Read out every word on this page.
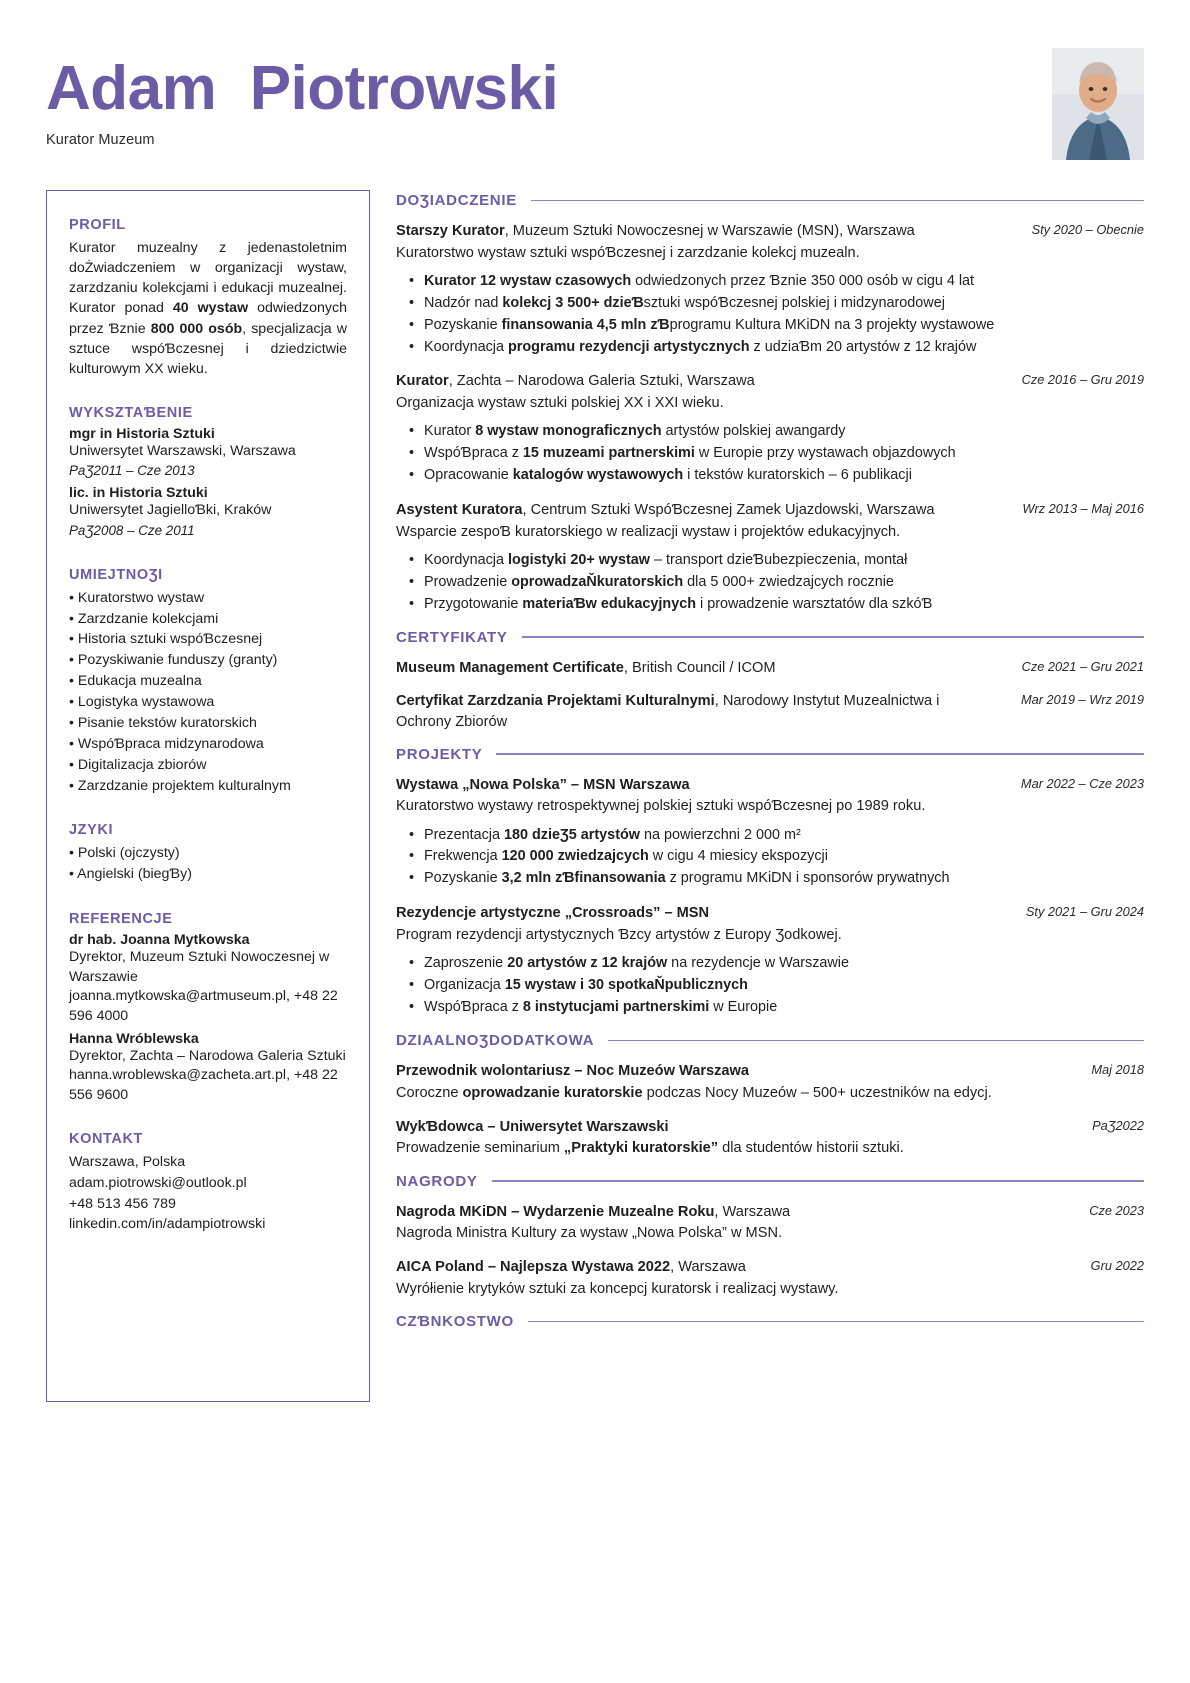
Adam  Piotrowski
Kurator Muzeum
PROFIL
Kurator muzealny z jedenastoletnim doŻwiadczeniem w organizacji wystaw, zarzdzaniu kolekcjami i edukacji muzealnej. Kurator ponad 40 wystaw odwiedzonych przez Ɓznie 800 000 osób, specjalizacja w sztuce wspóƁczesnej i dziedzictwie kulturowym XX wieku.
WYKSZTAƁENIE
mgr in Historia Sztuki
Uniwersytet Warszawski, Warszawa
PaƷ2011 – Cze 2013
lic. in Historia Sztuki
Uniwersytet JagielloƁki, Kraków
PaƷ2008 – Cze 2011
UMIEJTNOƷI
• Kuratorstwo wystaw
• Zarzdzanie kolekcjami
• Historia sztuki wspóƁczesnej
• Pozyskiwanie funduszy (granty)
• Edukacja muzealna
• Logistyka wystawowa
• Pisanie tekstów kuratorskich
• WspóƁpraca midzynarodowa
• Digitalizacja zbiorów
• Zarzdzanie projektem kulturalnym
JZYKI
• Polski (ojczysty)
• Angielski (biegƁy)
REFERENCJE
dr hab. Joanna Mytkowska
Dyrektor, Muzeum Sztuki Nowoczesnej w Warszawie
joanna.mytkowska@artmuseum.pl, +48 22 596 4000
Hanna Wróblewska
Dyrektor, Zachta – Narodowa Galeria Sztuki
hanna.wroblewska@zacheta.art.pl, +48 22 556 9600
KONTAKT
Warszawa, Polska
adam.piotrowski@outlook.pl
+48 513 456 789
linkedin.com/in/adampiotrowski
DOƷIADCZENIE
Starszy Kurator, Muzeum Sztuki Nowoczesnej w Warszawie (MSN), Warszawa	Sty 2020 – Obecnie
Kuratorstwo wystaw sztuki wspóƁczesnej i zarzdzanie kolekcj muzealn.
• Kurator 12 wystaw czasowych odwiedzonych przez Ɓznie 350 000 osób w cigu 4 lat
• Nadzór nad kolekcj 3 500+ dzieƁsztuki wspóƁczesnej polskiej i midzynarodowej
• Pozyskanie finansowania 4,5 mln zƁprogramu Kultura MKiDN na 3 projekty wystawowe
• Koordynacja programu rezydencji artystycznych z udziaƁm 20 artystów z 12 krajów
Kurator, Zachta – Narodowa Galeria Sztuki, Warszawa	Cze 2016 – Gru 2019
Organizacja wystaw sztuki polskiej XX i XXI wieku.
• Kurator 8 wystaw monograficznych artystów polskiej awangardy
• WspóƁpraca z 15 muzeami partnerskimi w Europie przy wystawach objazdowych
• Opracowanie katalogów wystawowych i tekstów kuratorskich – 6 publikacji
Asystent Kuratora, Centrum Sztuki WspóƁczesnej Zamek Ujazdowski, Warszawa	Wrz 2013 – Maj 2016
Wsparcie zespoƁ kuratorskiego w realizacji wystaw i projektów edukacyjnych.
• Koordynacja logistyki 20+ wystaw – transport dzieƁubezpieczenia, montał
• Prowadzenie oprowadzaŇkuratorskich dla 5 000+ zwiedzajcych rocznie
• Przygotowanie materiaƁw edukacyjnych i prowadzenie warsztatów dla szkóƁ
CERTYFIKATY
Museum Management Certificate, British Council / ICOM	Cze 2021 – Gru 2021
Certyfikat Zarzdzania Projektami Kulturalnymi, Narodowy Instytut Muzealnictwa i Ochrony Zbiorów
Mar 2019 – Wrz 2019
PROJEKTY
Wystawa „Nowa Polska” – MSN Warszawa	Mar 2022 – Cze 2023
Kuratorstwo wystawy retrospektywnej polskiej sztuki wspóƁczesnej po 1989 roku.
• Prezentacja 180 dzieƷ5 artystów na powierzchni 2 000 m²
• Frekwencja 120 000 zwiedzajcych w cigu 4 miesicy ekspozycji
• Pozyskanie 3,2 mln zƁfinansowania z programu MKiDN i sponsorów prywatnych
Rezydencje artystyczne „Crossroads” – MSN	Sty 2021 – Gru 2024
Program rezydencji artystycznych Ɓzcy artystów z Europy Ʒodkowej.
• Zaproszenie 20 artystów z 12 krajów na rezydencje w Warszawie
• Organizacja 15 wystaw i 30 spotkaŇpublicznych
• WspóƁpraca z 8 instytucjami partnerskimi w Europie
DZIAALNOƷDODATKOWA
Przewodnik wolontariusz – Noc Muzeów Warszawa	Maj 2018
Coroczne oprowadzanie kuratorskie podczas Nocy Muzeów – 500+ uczestników na edycj.
WykƁdowca – Uniwersytet Warszawski	PaƷ2022
Prowadzenie seminarium „Praktyki kuratorskie” dla studentów historii sztuki.
NAGRODY
Nagroda MKiDN – Wydarzenie Muzealne Roku, Warszawa	Cze 2023
Nagroda Ministra Kultury za wystaw „Nowa Polska” w MSN.
AICA Poland – Najlepsza Wystawa 2022, Warszawa	Gru 2022
Wyrółienie krytyków sztuki za koncepcj kuratorsk i realizacj wystawy.
CZƁNKOSTWO
